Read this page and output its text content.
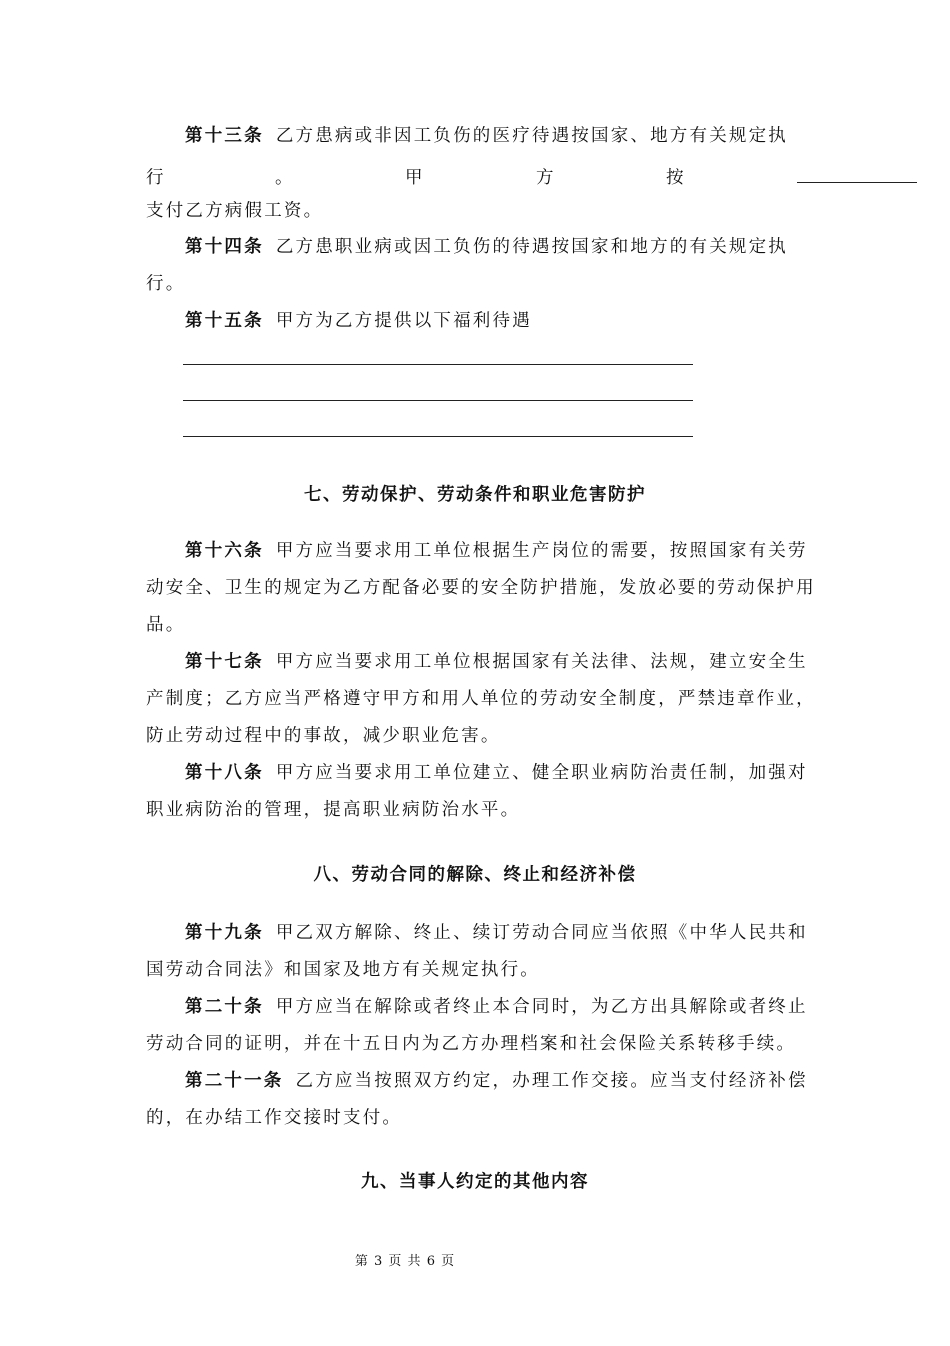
第十三条 乙方患病或非因工负伤的医疗待遇按国家、地方有关规定执
行	。	甲	方	按
支付乙方病假工资。
第十四条 乙方患职业病或因工负伤的待遇按国家和地方的有关规定执
行。
第十五条 甲方为乙方提供以下福利待遇
七、劳动保护、劳动条件和职业危害防护
第十六条 甲方应当要求用工单位根据生产岗位的需要，按照国家有关劳
动安全、卫生的规定为乙方配备必要的安全防护措施，发放必要的劳动保护用
品。
第十七条 甲方应当要求用工单位根据国家有关法律、法规，建立安全生
产制度；乙方应当严格遵守甲方和用人单位的劳动安全制度，严禁违章作业，
防止劳动过程中的事故，减少职业危害。
第十八条 甲方应当要求用工单位建立、健全职业病防治责任制，加强对
职业病防治的管理，提高职业病防治水平。
八、劳动合同的解除、终止和经济补偿
第十九条 甲乙双方解除、终止、续订劳动合同应当依照《中华人民共和
国劳动合同法》和国家及地方有关规定执行。
第二十条 甲方应当在解除或者终止本合同时，为乙方出具解除或者终止
劳动合同的证明，并在十五日内为乙方办理档案和社会保险关系转移手续。
第二十一条 乙方应当按照双方约定，办理工作交接。应当支付经济补偿
的，在办结工作交接时支付。
九、当事人约定的其他内容
第 3 页 共 6 页
